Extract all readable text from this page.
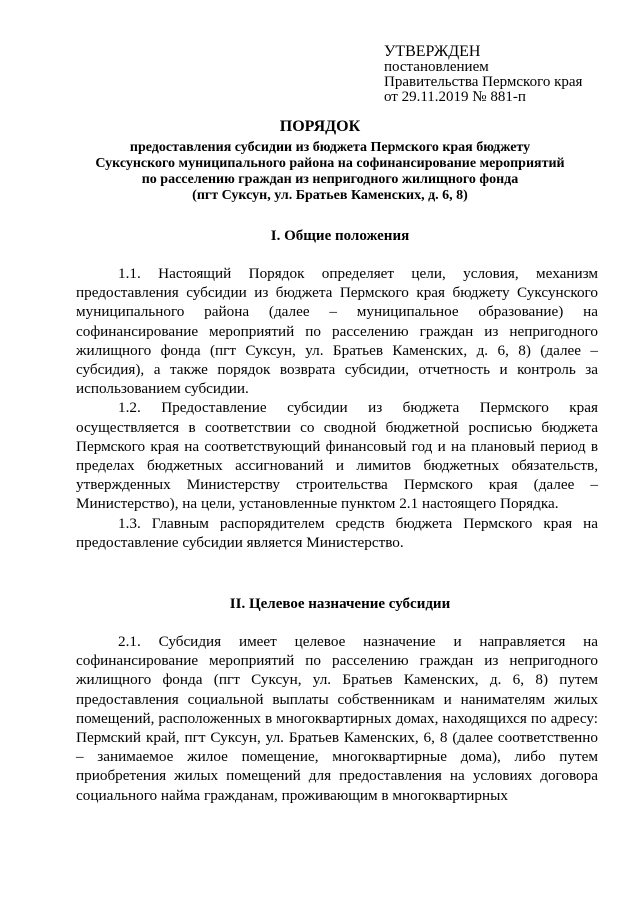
УТВЕРЖДЕН
постановлением
Правительства Пермского края
от 29.11.2019 № 881-п
ПОРЯДОК
предоставления субсидии из бюджета Пермского края бюджету
Суксунского муниципального района на софинансирование мероприятий
по расселению граждан из непригодного жилищного фонда
(пгт Суксун, ул. Братьев Каменских, д. 6, 8)
I. Общие положения

1.1. Настоящий Порядок определяет цели, условия, механизм предоставления субсидии из бюджета Пермского края бюджету Суксунского муниципального района (далее – муниципальное образование) на софинансирование мероприятий по расселению граждан из непригодного жилищного фонда (пгт Суксун, ул. Братьев Каменских, д. 6, 8) (далее – субсидия), а также порядок возврата субсидии, отчетность и контроль за использованием субсидии.

1.2. Предоставление субсидии из бюджета Пермского края осуществляется в соответствии со сводной бюджетной росписью бюджета Пермского края на соответствующий финансовый год и на плановый период в пределах бюджетных ассигнований и лимитов бюджетных обязательств, утвержденных Министерству строительства Пермского края (далее – Министерство), на цели, установленные пунктом 2.1 настоящего Порядка.

1.3. Главным распорядителем средств бюджета Пермского края на предоставление субсидии является Министерство.

II. Целевое назначение субсидии

2.1. Субсидия имеет целевое назначение и направляется на софинансирование мероприятий по расселению граждан из непригодного жилищного фонда (пгт Суксун, ул. Братьев Каменских, д. 6, 8) путем предоставления социальной выплаты собственникам и нанимателям жилых помещений, расположенных в многоквартирных домах, находящихся по адресу: Пермский край, пгт Суксун, ул. Братьев Каменских, 6, 8 (далее соответственно – занимаемое жилое помещение, многоквартирные дома), либо путем приобретения жилых помещений для предоставления на условиях договора социального найма гражданам, проживающим в многоквартирных
